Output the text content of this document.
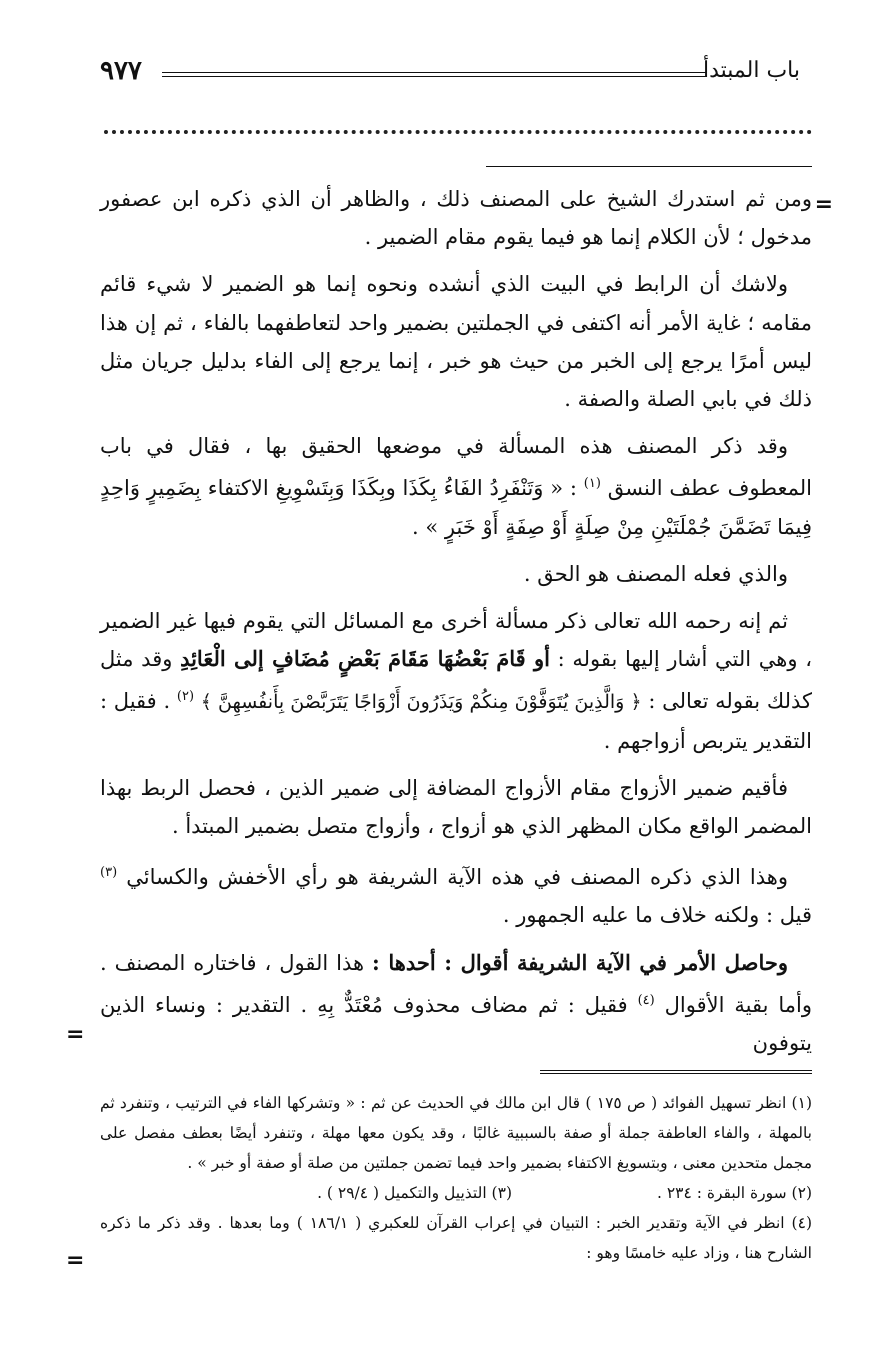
باب المبتدأ
٩٧٧
=
=
=

ومن ثم استدرك الشيخ على المصنف ذلك ، والظاهر أن الذي ذكره ابن عصفور مدخول ؛ لأن الكلام إنما هو فيما يقوم مقام الضمير .

ولاشك أن الرابط في البيت الذي أنشده ونحوه إنما هو الضمير لا شيء قائم مقامه ؛ غاية الأمر أنه اكتفى في الجملتين بضمير واحد لتعاطفهما بالفاء ، ثم إن هذا ليس أمرًا يرجع إلى الخبر من حيث هو خبر ، إنما يرجع إلى الفاء بدليل جريان مثل ذلك في بابي الصلة والصفة .

وقد ذكر المصنف هذه المسألة في موضعها الحقيق بها ، فقال في باب المعطوف عطف النسق $^{(١)}$ : « وَتَنْفَرِدُ الفَاءُ بِكَذَا وبِكَذَا وَبِتَسْوِيغِ الاكتفاء بِضَمِيرٍ وَاحِدٍ فِيمَا تَضَمَّنَ جُمْلَتَيْنِ مِنْ صِلَةٍ أَوْ صِفَةٍ أَوْ خَبَرٍ » .

والذي فعله المصنف هو الحق .

ثم إنه رحمه الله تعالى ذكر مسألة أخرى مع المسائل التي يقوم فيها غير الضمير ، وهي التي أشار إليها بقوله : أو قَامَ بَعْضُهَا مَقَامَ بَعْضٍ مُضَافٍ إلى الْعَائِدِ وقد مثل كذلك بقوله تعالى : ﴿ وَالَّذِينَ يُتَوَفَّوْنَ مِنكُمْ وَيَذَرُونَ أَزْوَاجًا يَتَرَبَّصْنَ بِأَنفُسِهِنَّ ﴾ $^{(٢)}$ . فقيل : التقدير يتربص أزواجهم .

فأقيم ضمير الأزواج مقام الأزواج المضافة إلى ضمير الذين ، فحصل الربط بهذا المضمر الواقع مكان المظهر الذي هو أزواج ، وأزواج متصل بضمير المبتدأ .

وهذا الذي ذكره المصنف في هذه الآية الشريفة هو رأي الأخفش والكسائي $^{(٣)}$ قيل : ولكنه خلاف ما عليه الجمهور .

وحاصل الأمر في الآية الشريفة أقوال : أحدها : هذا القول ، فاختاره المصنف . وأما بقية الأقوال $^{(٤)}$ فقيل : ثم مضاف محذوف مُعْتَدٌّ بِهِ . التقدير : ونساء الذين يتوفون

(١) انظر تسهيل الفوائد ( ص ١٧٥ ) قال ابن مالك في الحديث عن ثم : « وتشركها الفاء في الترتيب ، وتنفرد ثم بالمهلة ، والفاء العاطفة جملة أو صفة بالسببية غالبًا ، وقد يكون معها مهلة ، وتنفرد أيضًا بعطف مفصل على مجمل متحدين معنى ، وبتسويغ الاكتفاء بضمير واحد فيما تضمن جملتين من صلة أو صفة أو خبر » .

(٢) سورة البقرة : ٢٣٤ .
(٣) التذييل والتكميل ( ٢٩/٤ ) .

(٤) انظر في الآية وتقدير الخبر : التبيان في إعراب القرآن للعكبري ( ١٨٦/١ ) وما بعدها . وقد ذكر ما ذكره الشارح هنا ، وزاد عليه خامسًا وهو :
